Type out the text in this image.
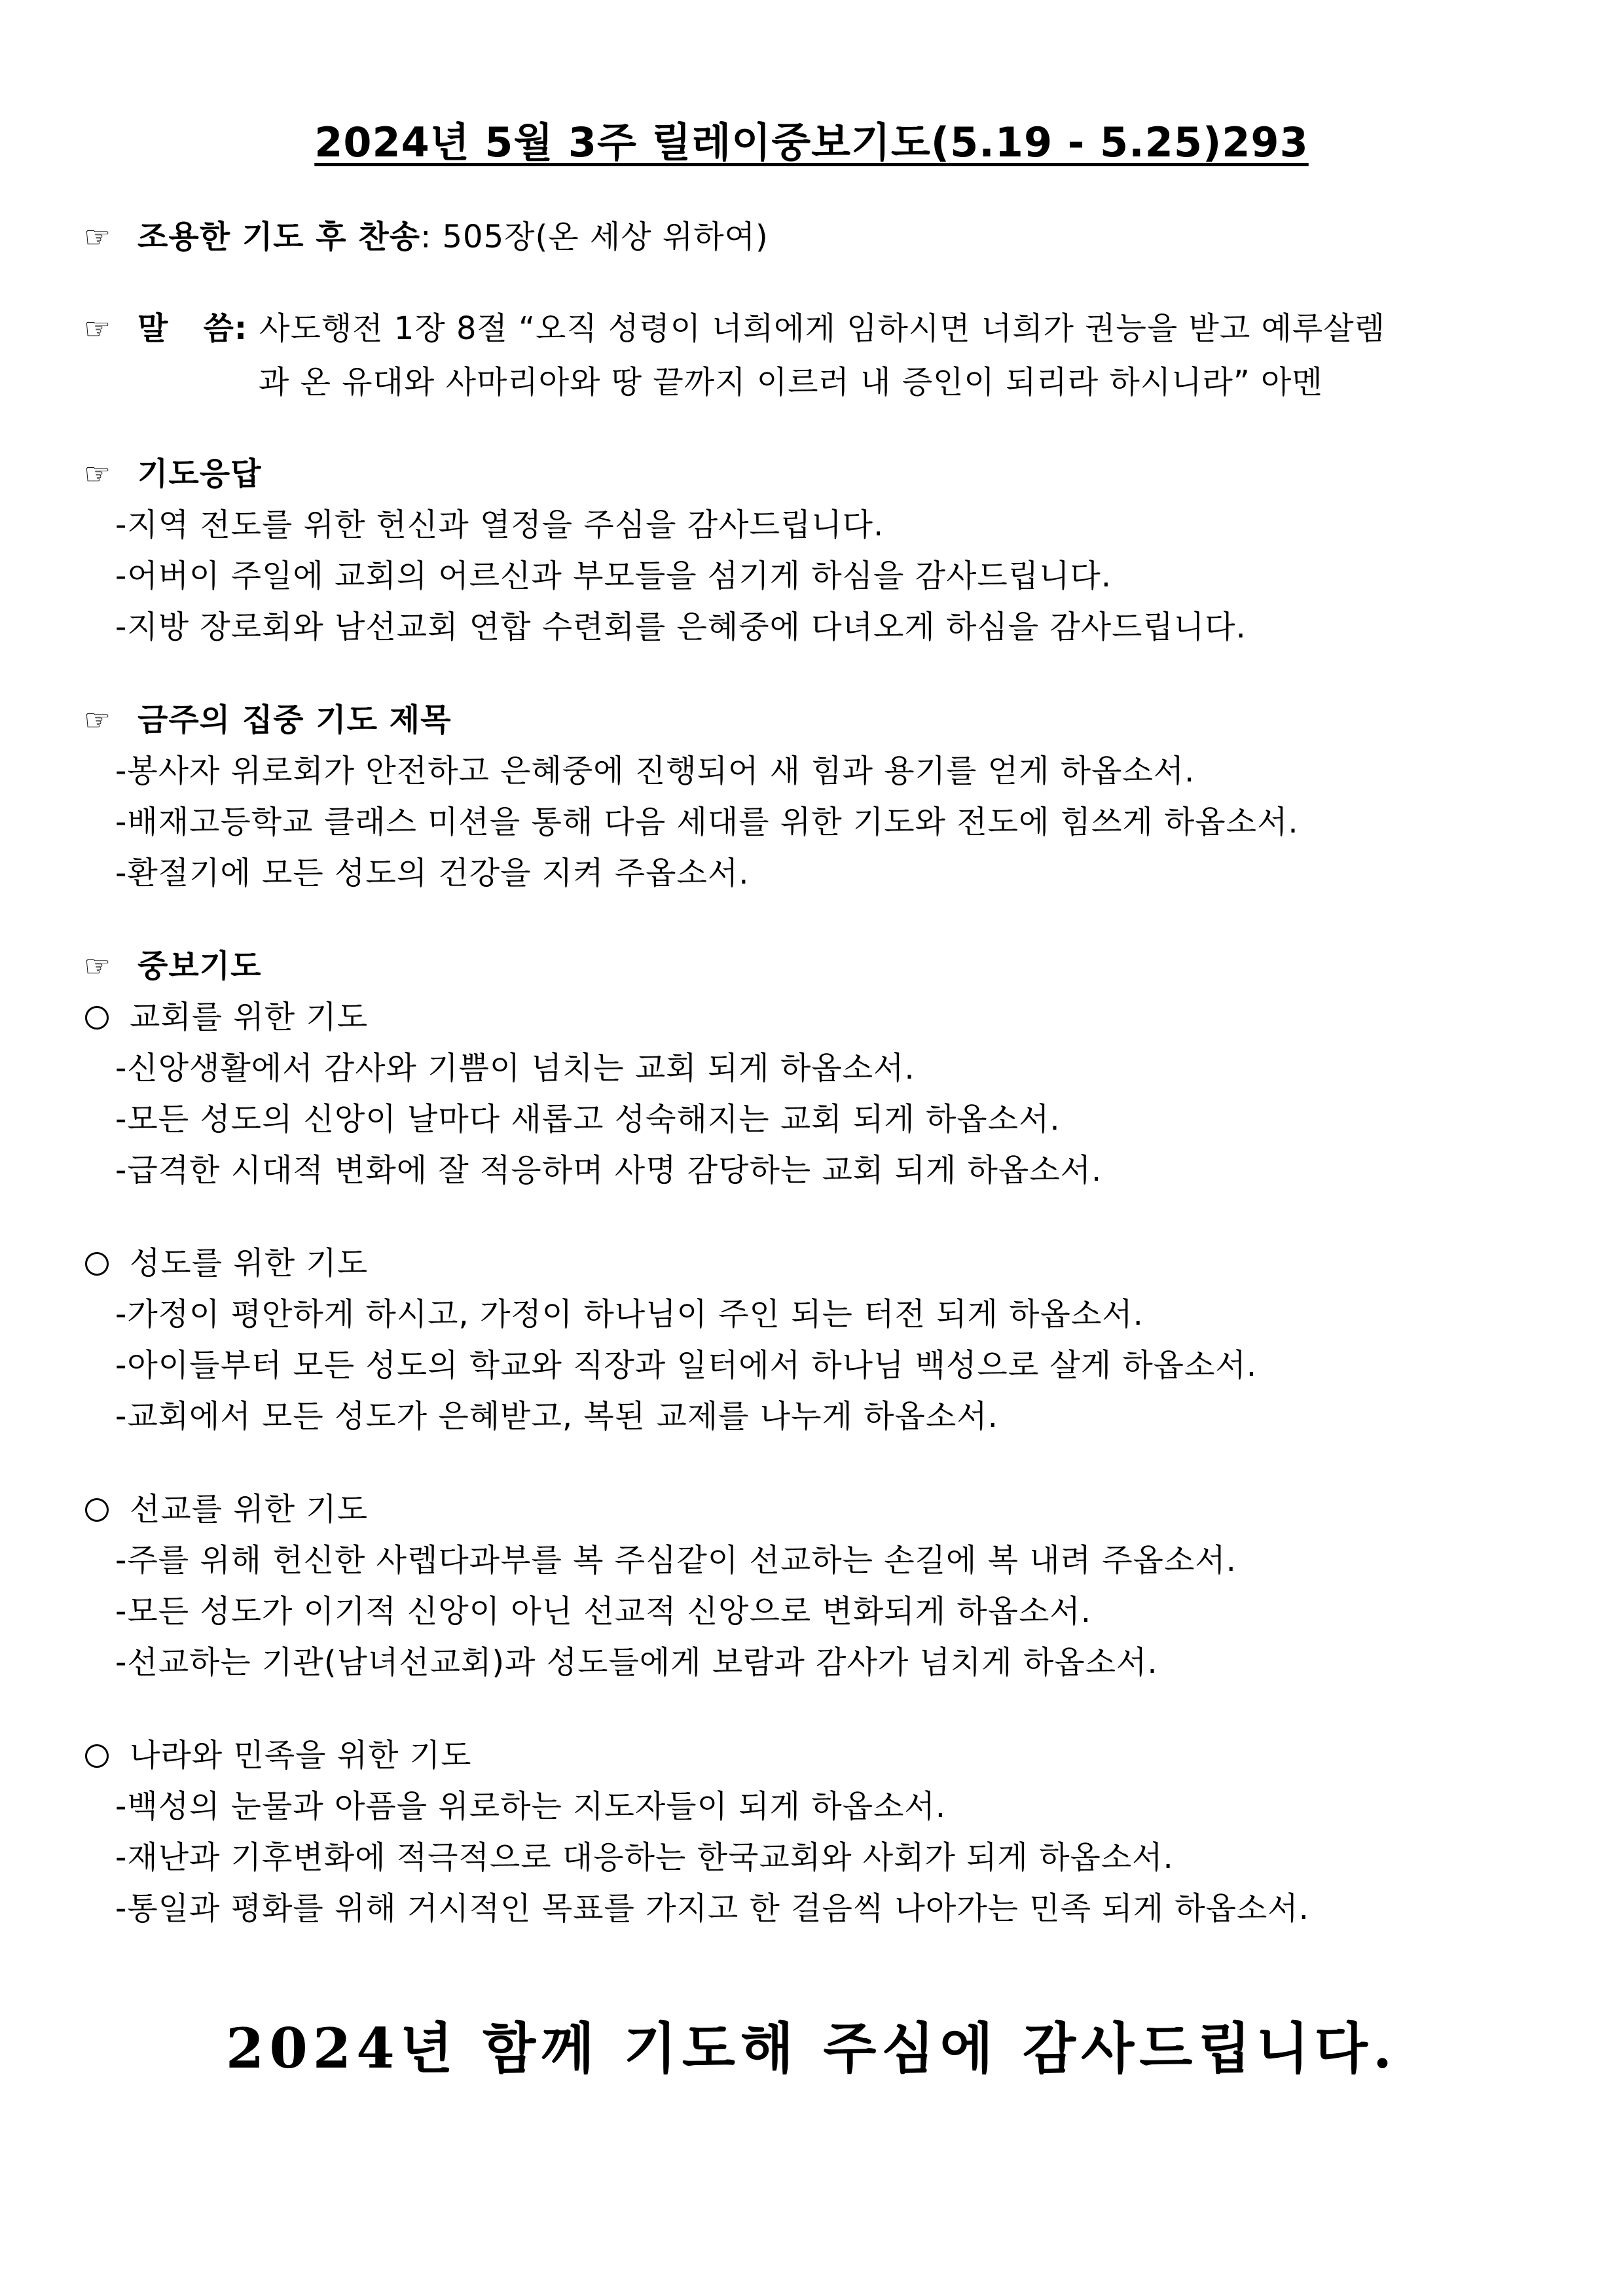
2024년 5월 3주 릴레이중보기도(5.19 - 5.25)293
☞ 조용한 기도 후 찬송: 505장(온 세상 위하여)
☞ 말   씀: 사도행전 1장 8절 “오직 성령이 너희에게 임하시면 너희가 권능을 받고 예루살렘
과 온 유대와 사마리아와 땅 끝까지 이르러 내 증인이 되리라 하시니라” 아멘
☞ 기도응답
-지역 전도를 위한 헌신과 열정을 주심을 감사드립니다.
-어버이 주일에 교회의 어르신과 부모들을 섬기게 하심을 감사드립니다.
-지방 장로회와 남선교회 연합 수련회를 은혜중에 다녀오게 하심을 감사드립니다.
☞ 금주의 집중 기도 제목
-봉사자 위로회가 안전하고 은혜중에 진행되어 새 힘과 용기를 얻게 하옵소서.
-배재고등학교 클래스 미션을 통해 다음 세대를 위한 기도와 전도에 힘쓰게 하옵소서.
-환절기에 모든 성도의 건강을 지켜 주옵소서.
☞ 중보기도
교회를 위한 기도
-신앙생활에서 감사와 기쁨이 넘치는 교회 되게 하옵소서.
-모든 성도의 신앙이 날마다 새롭고 성숙해지는 교회 되게 하옵소서.
-급격한 시대적 변화에 잘 적응하며 사명 감당하는 교회 되게 하옵소서.
성도를 위한 기도
-가정이 평안하게 하시고, 가정이 하나님이 주인 되는 터전 되게 하옵소서.
-아이들부터 모든 성도의 학교와 직장과 일터에서 하나님 백성으로 살게 하옵소서.
-교회에서 모든 성도가 은혜받고, 복된 교제를 나누게 하옵소서.
선교를 위한 기도
-주를 위해 헌신한 사렙다과부를 복 주심같이 선교하는 손길에 복 내려 주옵소서.
-모든 성도가 이기적 신앙이 아닌 선교적 신앙으로 변화되게 하옵소서.
-선교하는 기관(남녀선교회)과 성도들에게 보람과 감사가 넘치게 하옵소서.
나라와 민족을 위한 기도
-백성의 눈물과 아픔을 위로하는 지도자들이 되게 하옵소서.
-재난과 기후변화에 적극적으로 대응하는 한국교회와 사회가 되게 하옵소서.
-통일과 평화를 위해 거시적인 목표를 가지고 한 걸음씩 나아가는 민족 되게 하옵소서.
2024년 함께 기도해 주심에 감사드립니다.
